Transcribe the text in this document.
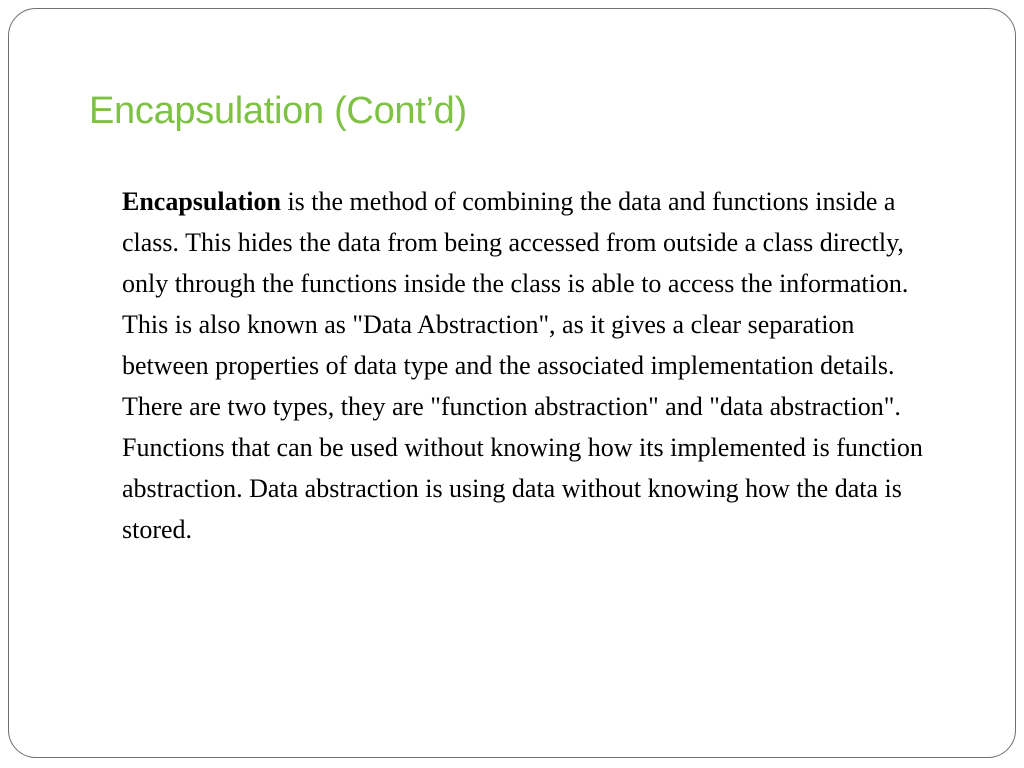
Encapsulation (Cont’d)

Encapsulation is the method of combining the data and functions inside a class. This hides the data from being accessed from outside a class directly, only through the functions inside the class is able to access the information.

This is also known as "Data Abstraction", as it gives a clear separation between properties of data type and the associated implementation details. There are two types, they are "function abstraction" and "data abstraction". Functions that can be used without knowing how its implemented is function abstraction. Data abstraction is using data without knowing how the data is stored.
